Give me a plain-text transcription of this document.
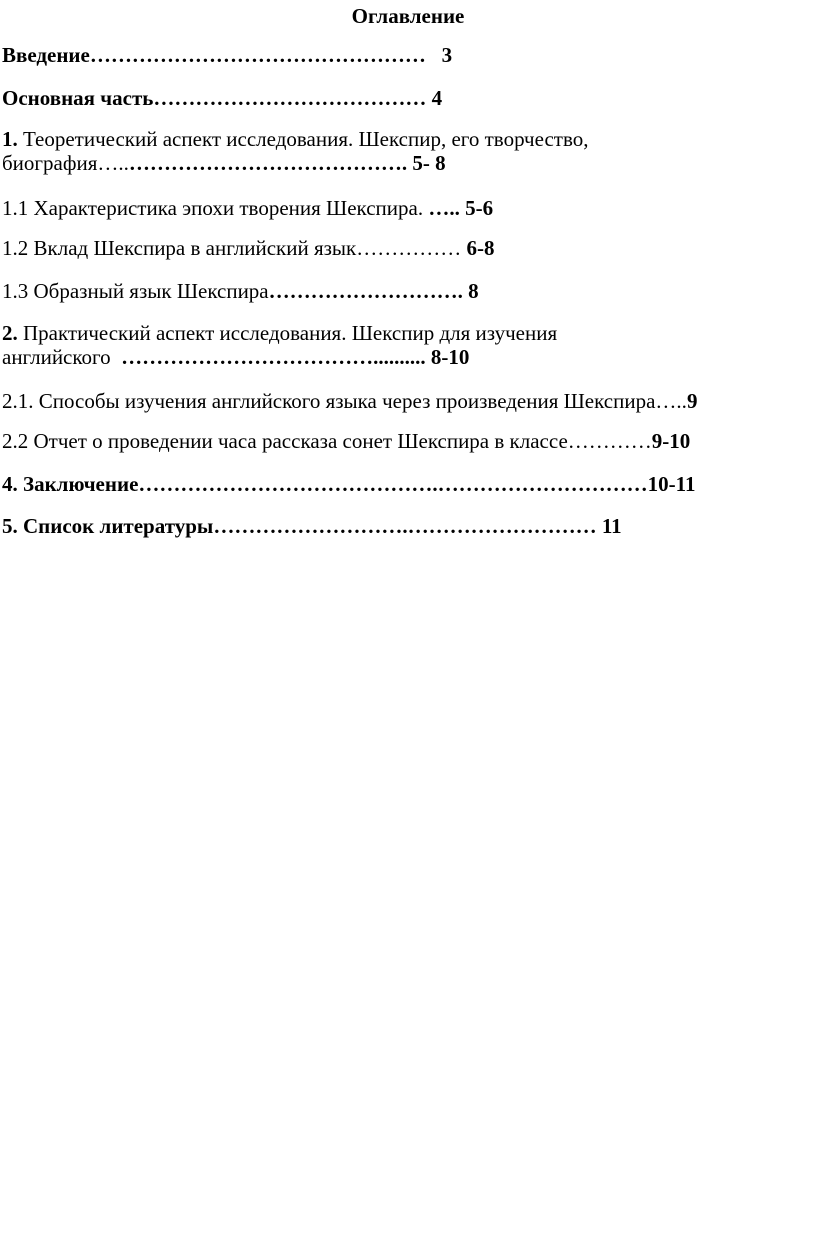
Оглавление
Введение………………………………………… 3
Основная часть………………………………… 4
1. Теоретический аспект исследования. Шекспир, его творчество,
биография…..…………………………………. 5- 8
1.1 Характеристика эпохи творения Шекспира. ….. 5-6
1.2 Вклад Шекспира в английский язык…………… 6-8
1.3 Образный язык Шекспира………………………. 8
2. Практический аспект исследования. Шекспир для изучения
английского  ……………………………….......... 8-10
2.1. Способы изучения английского языка через произведения Шекспира…..9
2.2 Отчет о проведении часа рассказа сонет Шекспира в классе…………9-10
4. Заключение…………………………………….…………………………10-11
5. Список литературы……………………….……………………… 11
